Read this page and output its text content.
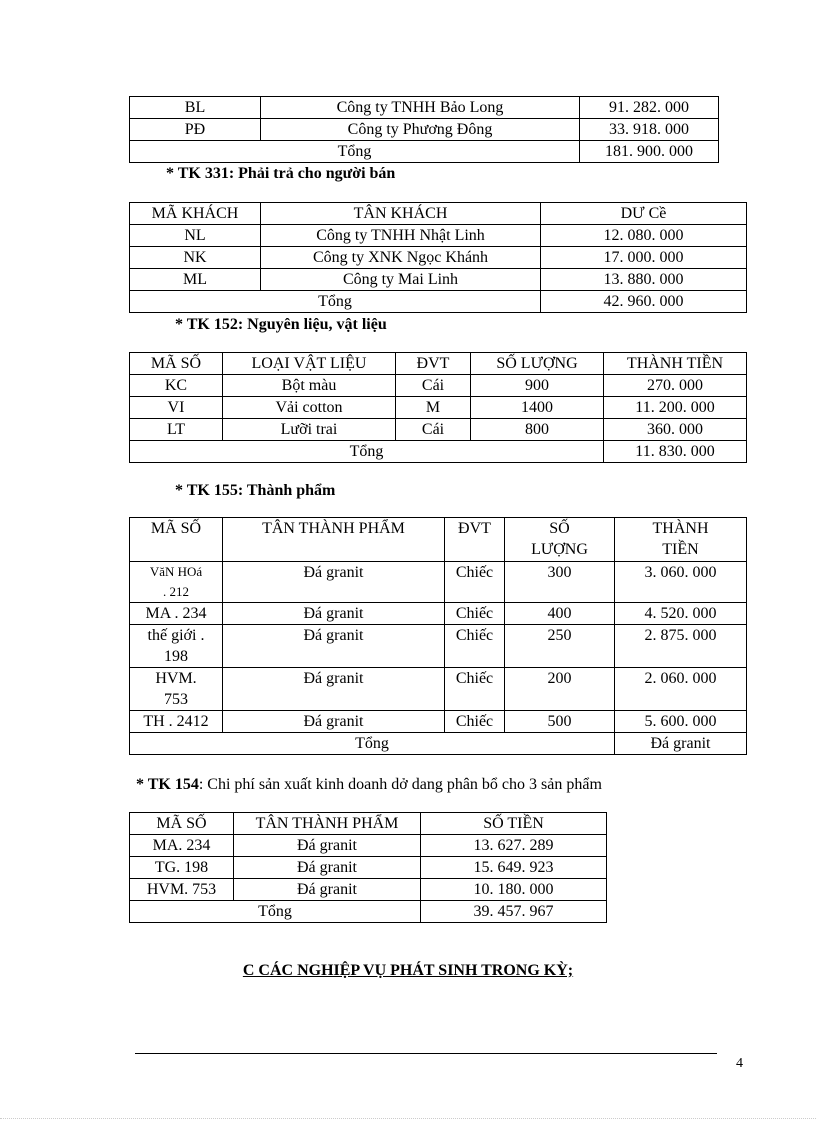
BL	Công ty TNHH Bảo Long	91. 282. 000
PĐ	Công ty Phương Đông	33. 918. 000
Tổng		181. 900. 000
* TK 331: Phải trả cho người bán
MÃ KHÁCH	TÂN KHÁCH	DƯ Cề
NL	Công ty TNHH Nhật Linh	12. 080. 000
NK	Công ty XNK Ngọc Khánh	17. 000. 000
ML	Công ty Mai Linh	13. 880. 000
Tổng		42. 960. 000
* TK 152: Nguyên liệu, vật liệu
MÃ SỐ	LOẠI VẬT LIỆU	ĐVT	SỐ LƯỢNG	THÀNH TIỀN
KC	Bột màu	Cái	900	270. 000
VI	Vải cotton	M	1400	11. 200. 000
LT	Lưỡi trai	Cái	800	360. 000
Tổng				11. 830. 000
* TK 155: Thành phẩm
MÃ SỐ	TÂN THÀNH PHẨM	ĐVT	SỐ LƯỢNG	THÀNH TIỀN
VăN HOá . 212	Đá granit	Chiếc	300	3. 060. 000
MA . 234	Đá granit	Chiếc	400	4. 520. 000
thế giới . 198	Đá granit	Chiếc	250	2. 875. 000
HVM. 753	Đá granit	Chiếc	200	2. 060. 000
TH . 2412	Đá granit	Chiếc	500	5. 600. 000
Tổng				Đá granit
* TK 154: Chi phí sản xuất kinh doanh dở dang phân bổ cho 3 sản phẩm
MÃ SỐ	TÂN THÀNH PHẨM	SỐ TIỀN
MA. 234	Đá granit	13. 627. 289
TG. 198	Đá granit	15. 649. 923
HVM. 753	Đá granit	10. 180. 000
Tổng		39. 457. 967
C CÁC NGHIỆP VỤ PHÁT SINH TRONG KỲ;
4
